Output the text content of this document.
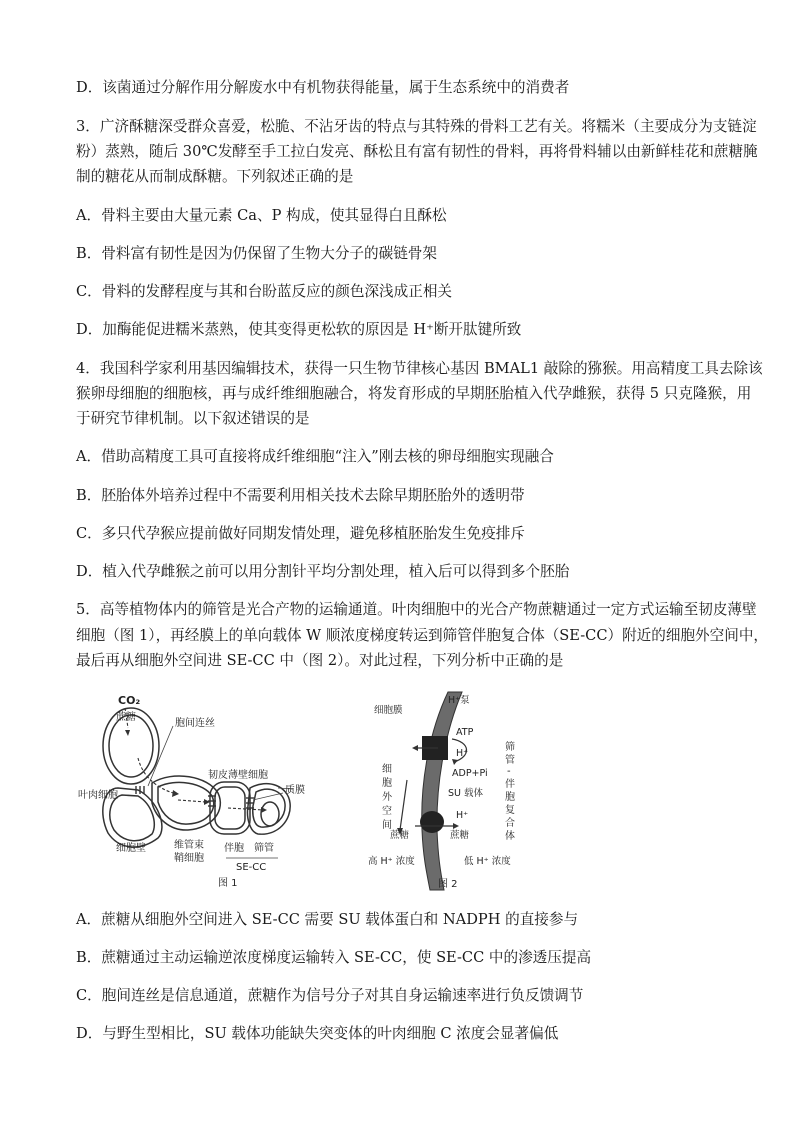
D．该菌通过分解作用分解废水中有机物获得能量，属于生态系统中的消费者
3．广济酥糖深受群众喜爱，松脆、不沾牙齿的特点与其特殊的骨料工艺有关。将糯米（主要成分为支链淀
粉）蒸熟，随后 30℃发酵至手工拉白发亮、酥松且有富有韧性的骨料，再将骨料辅以由新鲜桂花和蔗糖腌
制的糖花从而制成酥糖。下列叙述正确的是
A．骨料主要由大量元素 Ca、P 构成，使其显得白且酥松
B．骨料富有韧性是因为仍保留了生物大分子的碳链骨架
C．骨料的发酵程度与其和台盼蓝反应的颜色深浅成正相关
D．加酶能促进糯米蒸熟，使其变得更松软的原因是 H⁺断开肽键所致
4．我国科学家利用基因编辑技术，获得一只生物节律核心基因 BMAL1 敲除的猕猴。用高精度工具去除该
猴卵母细胞的细胞核，再与成纤维细胞融合，将发育形成的早期胚胎植入代孕雌猴，获得 5 只克隆猴，用
于研究节律机制。以下叙述错误的是
A．借助高精度工具可直接将成纤维细胞“注入”刚去核的卵母细胞实现融合
B．胚胎体外培养过程中不需要利用相关技术去除早期胚胎外的透明带
C．多只代孕猴应提前做好同期发情处理，避免移植胚胎发生免疫排斥
D．植入代孕雌猴之前可以用分割针平均分割处理，植入后可以得到多个胚胎
5．高等植物体内的筛管是光合产物的运输通道。叶肉细胞中的光合产物蔗糖通过一定方式运输至韧皮薄壁
细胞（图 1），再经膜上的单向载体 W 顺浓度梯度转运到筛管伴胞复合体（SE-CC）附近的细胞外空间中，
最后再从细胞外空间进 SE-CC 中（图 2）。对此过程，下列分析中正确的是
CO₂
蔗糖
胞间连丝
韧皮薄壁细胞
质膜
叶肉细胞
细胞壁	维管束
鞘细胞
伴胞 筛管
SE-CC
图 1
H⁺泵
细胞膜
ATP
H⁺
ADP+Pi
SU 载体
H⁺
蔗糖	蔗糖
细
胞
外
空
间
筛
管
-
伴
胞
复
合
体
高 H⁺ 浓度	低 H⁺ 浓度
图 2
A．蔗糖从细胞外空间进入 SE-CC 需要 SU 载体蛋白和 NADPH 的直接参与
B．蔗糖通过主动运输逆浓度梯度运输转入 SE-CC，使 SE-CC 中的渗透压提高
C．胞间连丝是信息通道，蔗糖作为信号分子对其自身运输速率进行负反馈调节
D．与野生型相比，SU 载体功能缺失突变体的叶肉细胞 C 浓度会显著偏低
